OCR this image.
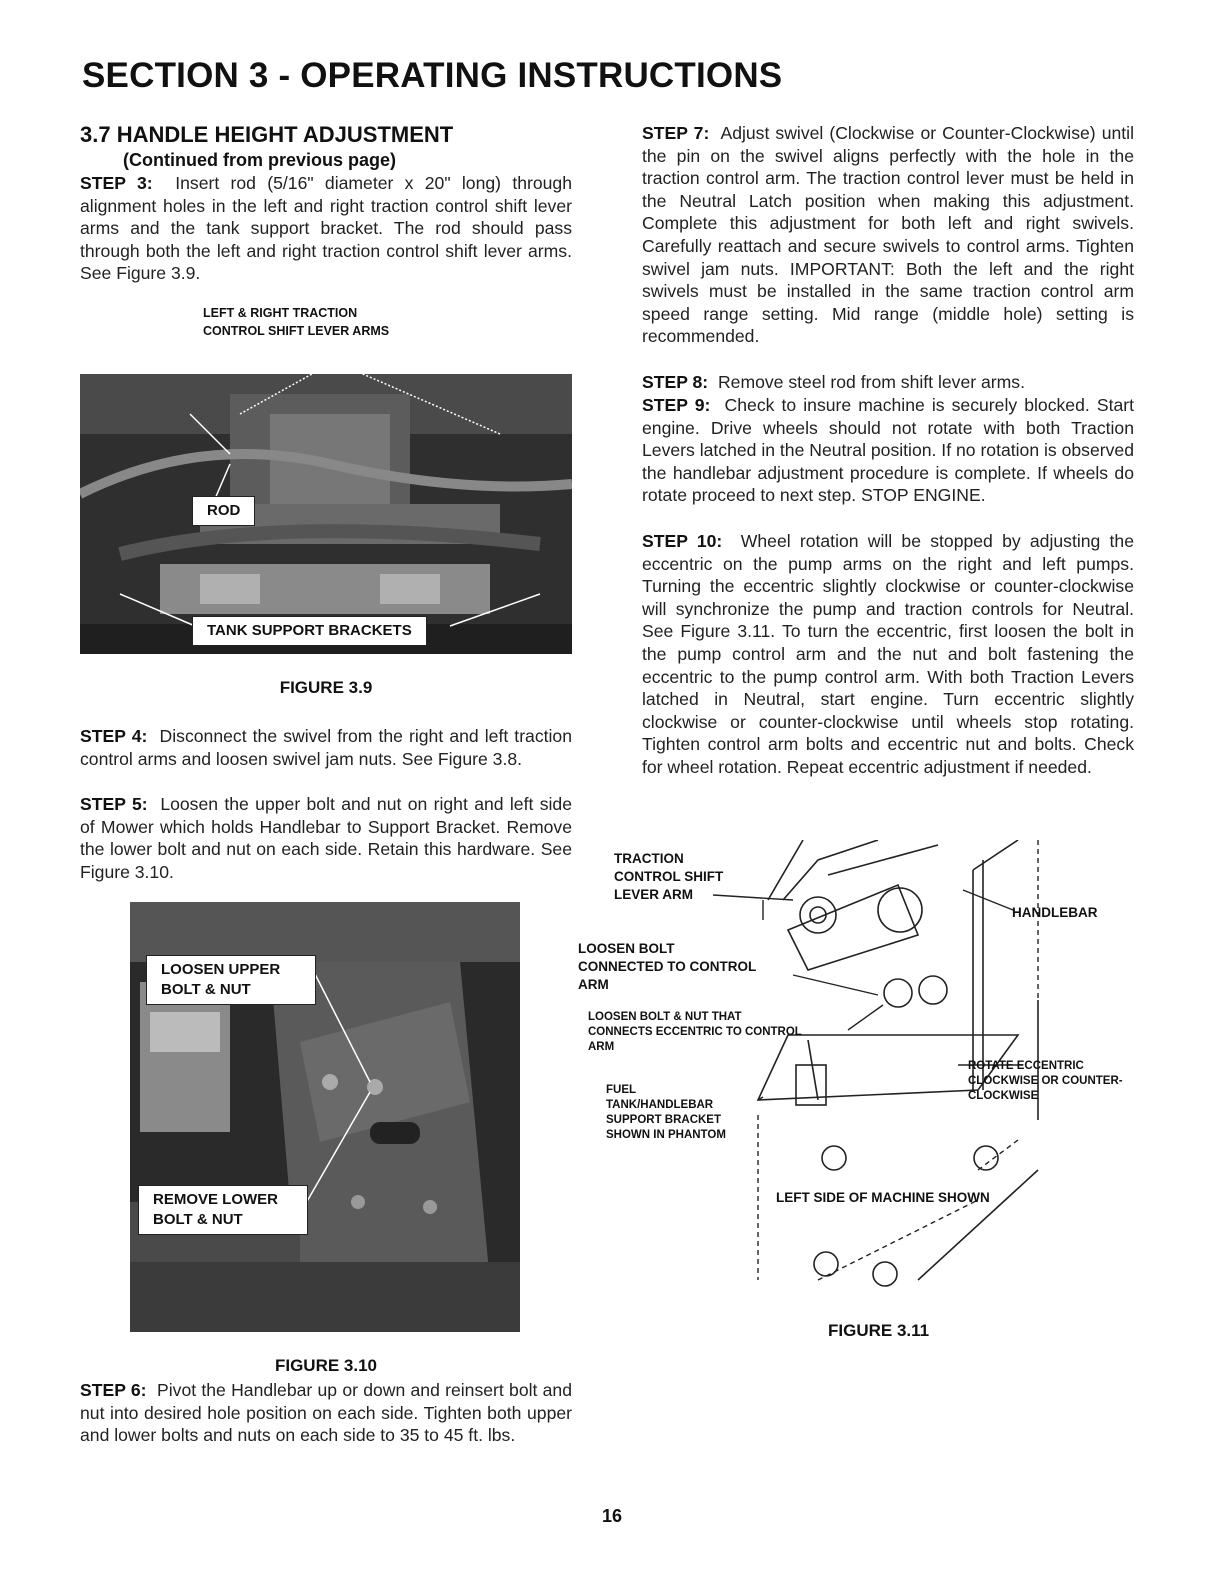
SECTION 3 - OPERATING INSTRUCTIONS
3.7 HANDLE HEIGHT ADJUSTMENT
(Continued from previous page)
STEP 3: Insert rod (5/16" diameter x 20" long) through alignment holes in the left and right traction control shift lever arms and the tank support bracket. The rod should pass through both the left and right traction control shift lever arms. See Figure 3.9.
LEFT & RIGHT TRACTION
CONTROL SHIFT LEVER ARMS
ROD
TANK SUPPORT BRACKETS
FIGURE 3.9
STEP 4: Disconnect the swivel from the right and left traction control arms and loosen swivel jam nuts. See Figure 3.8.
STEP 5: Loosen the upper bolt and nut on right and left side of Mower which holds Handlebar to Support Bracket. Remove the lower bolt and nut on each side. Retain this hardware. See Figure 3.10.
LOOSEN UPPER
BOLT & NUT
REMOVE LOWER
BOLT & NUT
FIGURE 3.10
STEP 6: Pivot the Handlebar up or down and reinsert bolt and nut into desired hole position on each side. Tighten both upper and lower bolts and nuts on each side to 35 to 45 ft. lbs.
STEP 7: Adjust swivel (Clockwise or Counter-Clockwise) until the pin on the swivel aligns perfectly with the hole in the traction control arm. The traction control lever must be held in the Neutral Latch position when making this adjustment. Complete this adjustment for both left and right swivels. Carefully reattach and secure swivels to control arms. Tighten swivel jam nuts. IMPORTANT: Both the left and the right swivels must be installed in the same traction control arm speed range setting. Mid range (middle hole) setting is recommended.
STEP 8: Remove steel rod from shift lever arms.
STEP 9: Check to insure machine is securely blocked. Start engine. Drive wheels should not rotate with both Traction Levers latched in the Neutral position. If no rotation is observed the handlebar adjustment procedure is complete. If wheels do rotate proceed to next step. STOP ENGINE.
STEP 10: Wheel rotation will be stopped by adjusting the eccentric on the pump arms on the right and left pumps. Turning the eccentric slightly clockwise or counter-clockwise will synchronize the pump and traction controls for Neutral. See Figure 3.11. To turn the eccentric, first loosen the bolt in the pump control arm and the nut and bolt fastening the eccentric to the pump control arm. With both Traction Levers latched in Neutral, start engine. Turn eccentric slightly clockwise or counter-clockwise until wheels stop rotating. Tighten control arm bolts and eccentric nut and bolts. Check for wheel rotation. Repeat eccentric adjustment if needed.
TRACTION
CONTROL SHIFT
LEVER ARM
HANDLEBAR
LOOSEN BOLT
CONNECTED TO CONTROL
ARM
LOOSEN BOLT & NUT THAT
CONNECTS ECCENTRIC TO CONTROL
ARM
ROTATE ECCENTRIC
CLOCKWISE OR COUNTER-
CLOCKWISE
FUEL
TANK/HANDLEBAR
SUPPORT BRACKET
SHOWN IN PHANTOM
LEFT SIDE OF MACHINE SHOWN
FIGURE 3.11
16
